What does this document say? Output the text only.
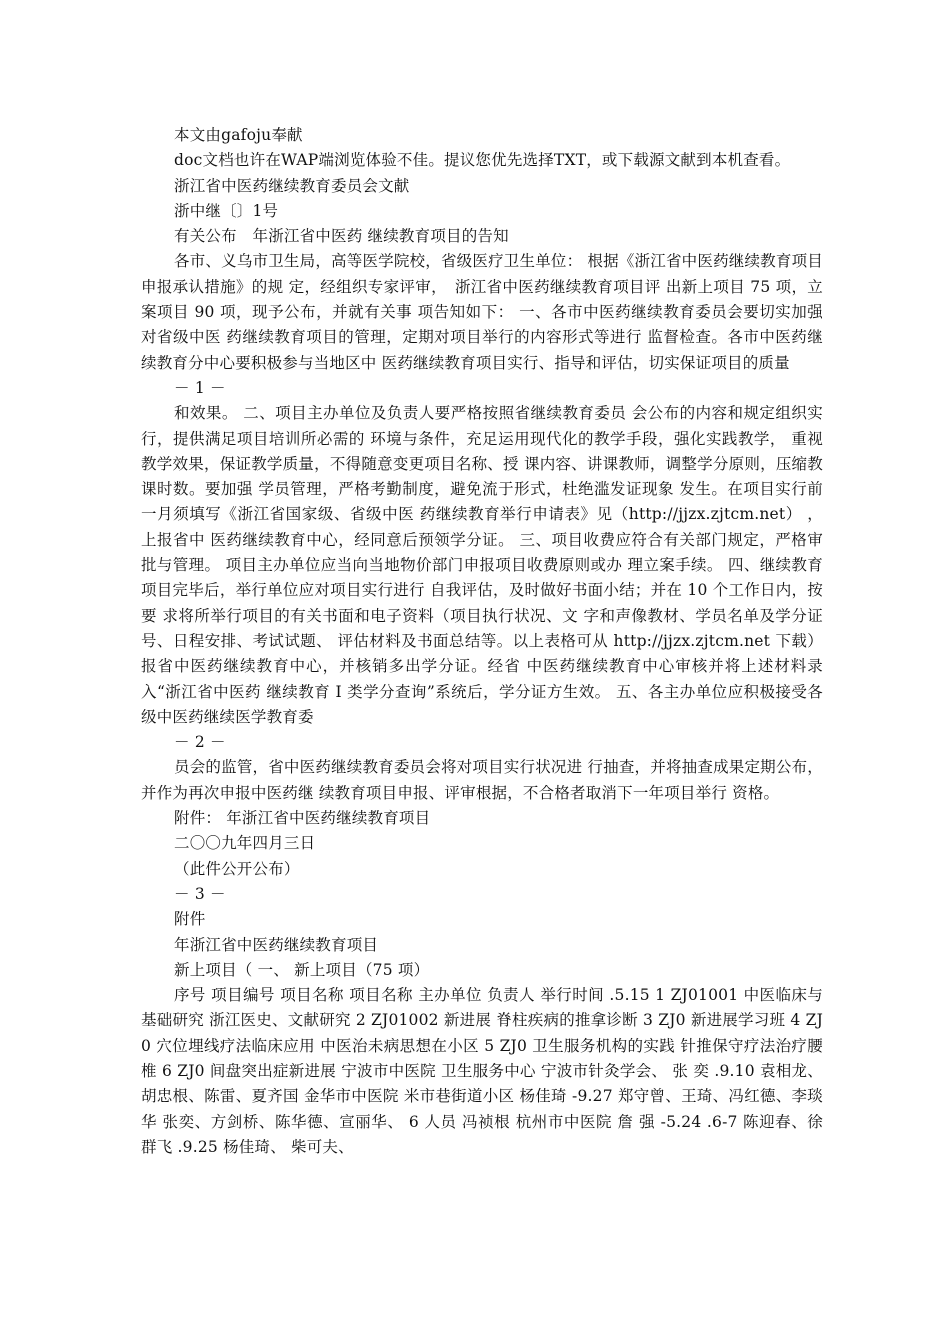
本文由gafoju奉献

doc文档也许在WAP端浏览体验不佳。提议您优先选择TXT，或下载源文献到本机查看。

浙江省中医药继续教育委员会文献

浙中继〔〕1号

有关公布　年浙江省中医药 继续教育项目的告知

各市、义乌市卫生局，高等医学院校，省级医疗卫生单位： 根据《浙江省中医药继续教育项目申报承认措施》的规 定，经组织专家评审，　浙江省中医药继续教育项目评 出新上项目 75 项，立案项目 90 项，现予公布，并就有关事 项告知如下： 一、各市中医药继续教育委员会要切实加强对省级中医 药继续教育项目的管理，定期对项目举行的内容形式等进行 监督检查。各市中医药继续教育分中心要积极参与当地区中 医药继续教育项目实行、指导和评估，切实保证项目的质量

－ 1 －

和效果。 二、项目主办单位及负责人要严格按照省继续教育委员 会公布的内容和规定组织实行，提供满足项目培训所必需的 环境与条件，充足运用现代化的教学手段，强化实践教学， 重视教学效果，保证教学质量，不得随意变更项目名称、授 课内容、讲课教师，调整学分原则，压缩教课时数。要加强 学员管理，严格考勤制度，避免流于形式，杜绝滥发证现象 发生。在项目实行前一月须填写《浙江省国家级、省级中医 药继续教育举行申请表》见（http://jjzx.zjtcm.net） ，上报省中 医药继续教育中心，经同意后预领学分证。 三、项目收费应符合有关部门规定，严格审批与管理。 项目主办单位应当向当地物价部门申报项目收费原则或办 理立案手续。 四、继续教育项目完毕后，举行单位应对项目实行进行 自我评估，及时做好书面小结；并在 10 个工作日内，按要 求将所举行项目的有关书面和电子资料（项目执行状况、文 字和声像教材、学员名单及学分证号、日程安排、考试试题、 评估材料及书面总结等。以上表格可从 http://jjzx.zjtcm.net 下载）报省中医药继续教育中心，并核销多出学分证。经省 中医药继续教育中心审核并将上述材料录入“浙江省中医药 继续教育 I 类学分查询”系统后，学分证方生效。 五、各主办单位应积极接受各级中医药继续医学教育委

－ 2 －

员会的监管，省中医药继续教育委员会将对项目实行状况进 行抽查，并将抽查成果定期公布，并作为再次申报中医药继 续教育项目申报、评审根据，不合格者取消下一年项目举行 资格。

附件： 年浙江省中医药继续教育项目

二〇〇九年四月三日

（此件公开公布）

－ 3 －

附件

年浙江省中医药继续教育项目

新上项目（ 一、 新上项目（75 项）

序号 项目编号 项目名称 项目名称 主办单位 负责人 举行时间 .5.15 1 ZJ01001 中医临床与基础研究 浙江医史、文献研究 2 ZJ01002 新进展 脊柱疾病的推拿诊断 3 ZJ0 新进展学习班 4 ZJ0 穴位埋线疗法临床应用 中医治未病思想在小区 5 ZJ0 卫生服务机构的实践 针推保守疗法治疗腰椎 6 ZJ0 间盘突出症新进展 宁波市中医院 卫生服务中心 宁波市针灸学会、 张 奕 .9.10 袁相龙、胡忠根、陈雷、夏齐国 金华市中医院 米市巷街道小区 杨佳琦 -9.27 郑守曾、王琦、冯红德、李琰华 张奕、方剑桥、陈华德、宣丽华、 6 人员 冯祯根 杭州市中医院 詹 强 -5.24 .6-7 陈迎春、徐群飞 .9.25 杨佳琦、 柴可夫、
